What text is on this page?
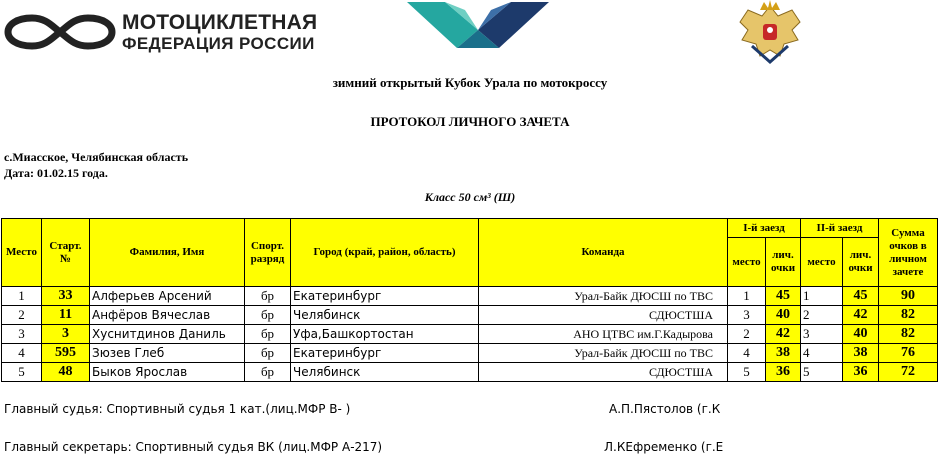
МОТОЦИКЛЕТНАЯ
ФЕДЕРАЦИЯ РОССИИ
зимний открытый Кубок Урала по мотокроссу
ПРОТОКОЛ ЛИЧНОГО ЗАЧЕТА
с.Миасское, Челябинская область
Дата: 01.02.15 года.
Класс 50 см³ (Ш)
Место	Старт. №	Фамилия, Имя	Спорт. разряд	Город (край, район, область)	Команда	I-й заезд		II-й заезд		Сумма очков в личном зачете
						место	лич. очки	место	лич. очки	
1	33	Алферьев Арсений	бр	Екатеринбург	Урал-Байк ДЮСШ по ТВС	1	45	1	45	90
2	11	Анфёров Вячеслав	бр	Челябинск	СДЮСТША	3	40	2	42	82
3	3	Хуснитдинов Даниль	бр	Уфа,Башкортостан	АНО ЦТВС им.Г.Кадырова	2	42	3	40	82
4	595	Зюзев Глеб	бр	Екатеринбург	Урал-Байк ДЮСШ по ТВС	4	38	4	38	76
5	48	Быков Ярослав	бр	Челябинск	СДЮСТША	5	36	5	36	72
Главный судья: Спортивный судья 1 кат.(лиц.МФР В- )	А.П.Пястолов (г.К
Главный секретарь: Спортивный судья ВК (лиц.МФР А-217)	Л.КЕфременко (г.Е
